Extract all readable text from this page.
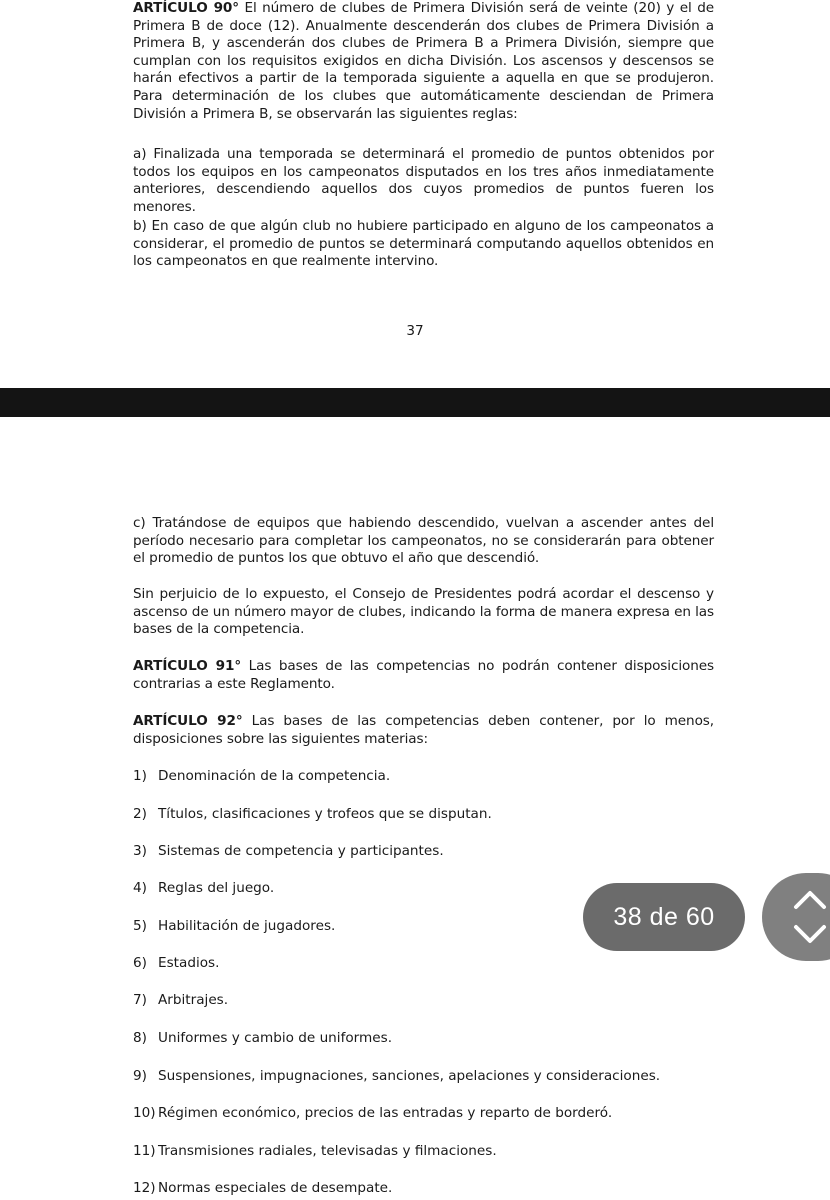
ARTÍCULO 90° El número de clubes de Primera División será de veinte (20) y el de Primera B de doce (12). Anualmente descenderán dos clubes de Primera División a Primera B, y ascenderán dos clubes de Primera B a Primera División, siempre que cumplan con los requisitos exigidos en dicha División. Los ascensos y descensos se harán efectivos a partir de la temporada siguiente a aquella en que se produjeron. Para determinación de los clubes que automáticamente desciendan de Primera División a Primera B, se observarán las siguientes reglas:
a) Finalizada una temporada se determinará el promedio de puntos obtenidos por todos los equipos en los campeonatos disputados en los tres años inmediatamente anteriores, descendiendo aquellos dos cuyos promedios de puntos fueren los menores.
b) En caso de que algún club no hubiere participado en alguno de los campeonatos a considerar, el promedio de puntos se determinará computando aquellos obtenidos en los campeonatos en que realmente intervino.
37
c) Tratándose de equipos que habiendo descendido, vuelvan a ascender antes del período necesario para completar los campeonatos, no se considerarán para obtener el promedio de puntos los que obtuvo el año que descendió.
Sin perjuicio de lo expuesto, el Consejo de Presidentes podrá acordar el descenso y ascenso de un número mayor de clubes, indicando la forma de manera expresa en las bases de la competencia.
ARTÍCULO 91° Las bases de las competencias no podrán contener disposiciones contrarias a este Reglamento.
ARTÍCULO 92° Las bases de las competencias deben contener, por lo menos, disposiciones sobre las siguientes materias:
1) Denominación de la competencia.
2) Títulos, clasificaciones y trofeos que se disputan.
3) Sistemas de competencia y participantes.
4) Reglas del juego.
5) Habilitación de jugadores.
6) Estadios.
7) Arbitrajes.
8) Uniformes y cambio de uniformes.
9) Suspensiones, impugnaciones, sanciones, apelaciones y consideraciones.
10) Régimen económico, precios de las entradas y reparto de borderó.
11) Transmisiones radiales, televisadas y filmaciones.
12) Normas especiales de desempate.
38 de 60
